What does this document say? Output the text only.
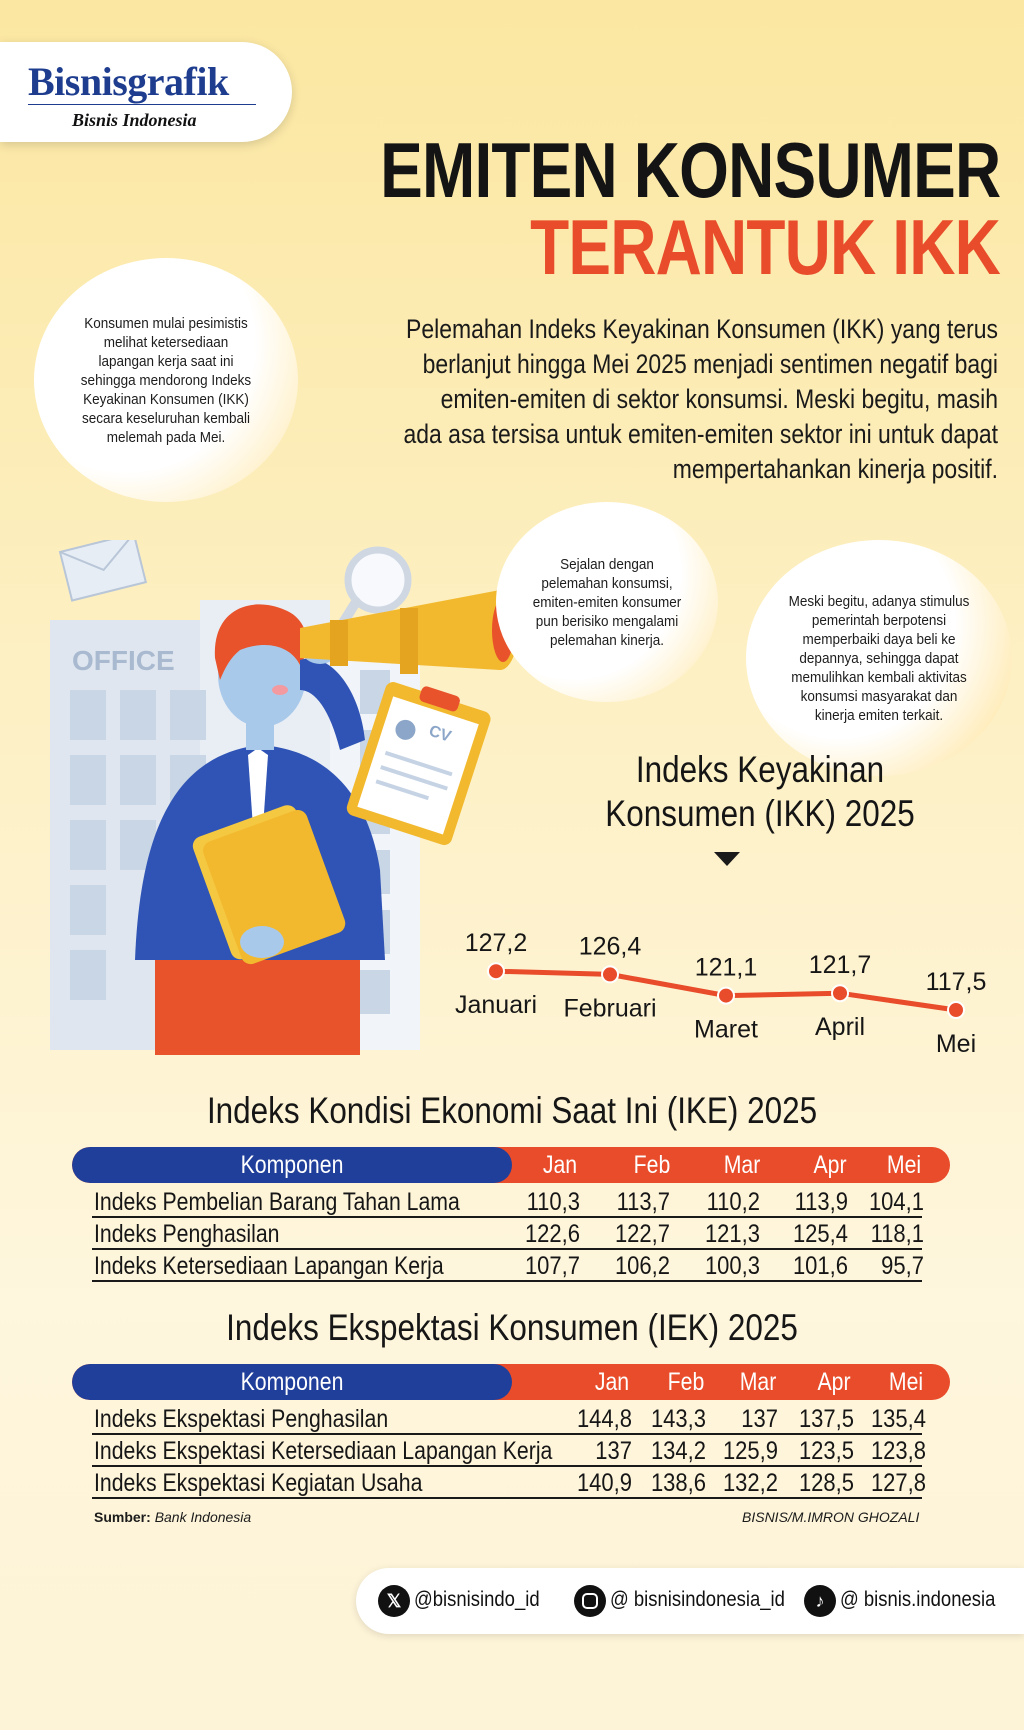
Bisnisgrafik
Bisnis Indonesia
EMITEN KONSUMER
TERANTUK IKK

Konsumen mulai pesimistis melihat ketersediaan lapangan kerja saat ini sehingga mendorong Indeks Keyakinan Konsumen (IKK) secara keseluruhan kembali melemah pada Mei.

Pelemahan Indeks Keyakinan Konsumen (IKK) yang terus berlanjut hingga Mei 2025 menjadi sentimen negatif bagi emiten-emiten di sektor konsumsi. Meski begitu, masih ada asa tersisa untuk emiten-emiten sektor ini untuk dapat mempertahankan kinerja positif.
OFFICE
CV

Sejalan dengan pelemahan konsumsi, emiten-emiten konsumer pun berisiko mengalami pelemahan kinerja.

Meski begitu, adanya stimulus pemerintah berpotensi memperbaiki daya beli ke depannya, sehingga dapat memulihkan kembali aktivitas konsumsi masyarakat dan kinerja emiten terkait.

Indeks Keyakinan Konsumen (IKK) 2025
127,2
Januari
126,4
Februari
121,1
Maret
121,7
April
117,5
Mei
Indeks Kondisi Ekonomi Saat Ini (IKE) 2025
Komponen	Jan	Feb	Mar	Apr	Mei
Indeks Pembelian Barang Tahan Lama	110,3	113,7	110,2	113,9 104,1
Indeks Penghasilan	122,6	122,7	121,3	125,4 118,1
Indeks Ketersediaan Lapangan Kerja	107,7	106,2	100,3	101,6	95,7
Indeks Ekspektasi Konsumen (IEK) 2025
Komponen	Jan	Feb	Mar	Apr	Mei
Indeks Ekspektasi Penghasilan	144,8 143,3	137 137,5 135,4
Indeks Ekspektasi Ketersediaan Lapangan Kerja	137 134,2 125,9 123,5 123,8
Indeks Ekspektasi Kegiatan Usaha	140,9 138,6 132,2 128,5 127,8
Sumber: Bank Indonesia	BISNIS/M.IMRON GHOZALI
𝕏 @bisnisindo_id	@ bisnisindonesia_id	♪ @ bisnis.indonesia
